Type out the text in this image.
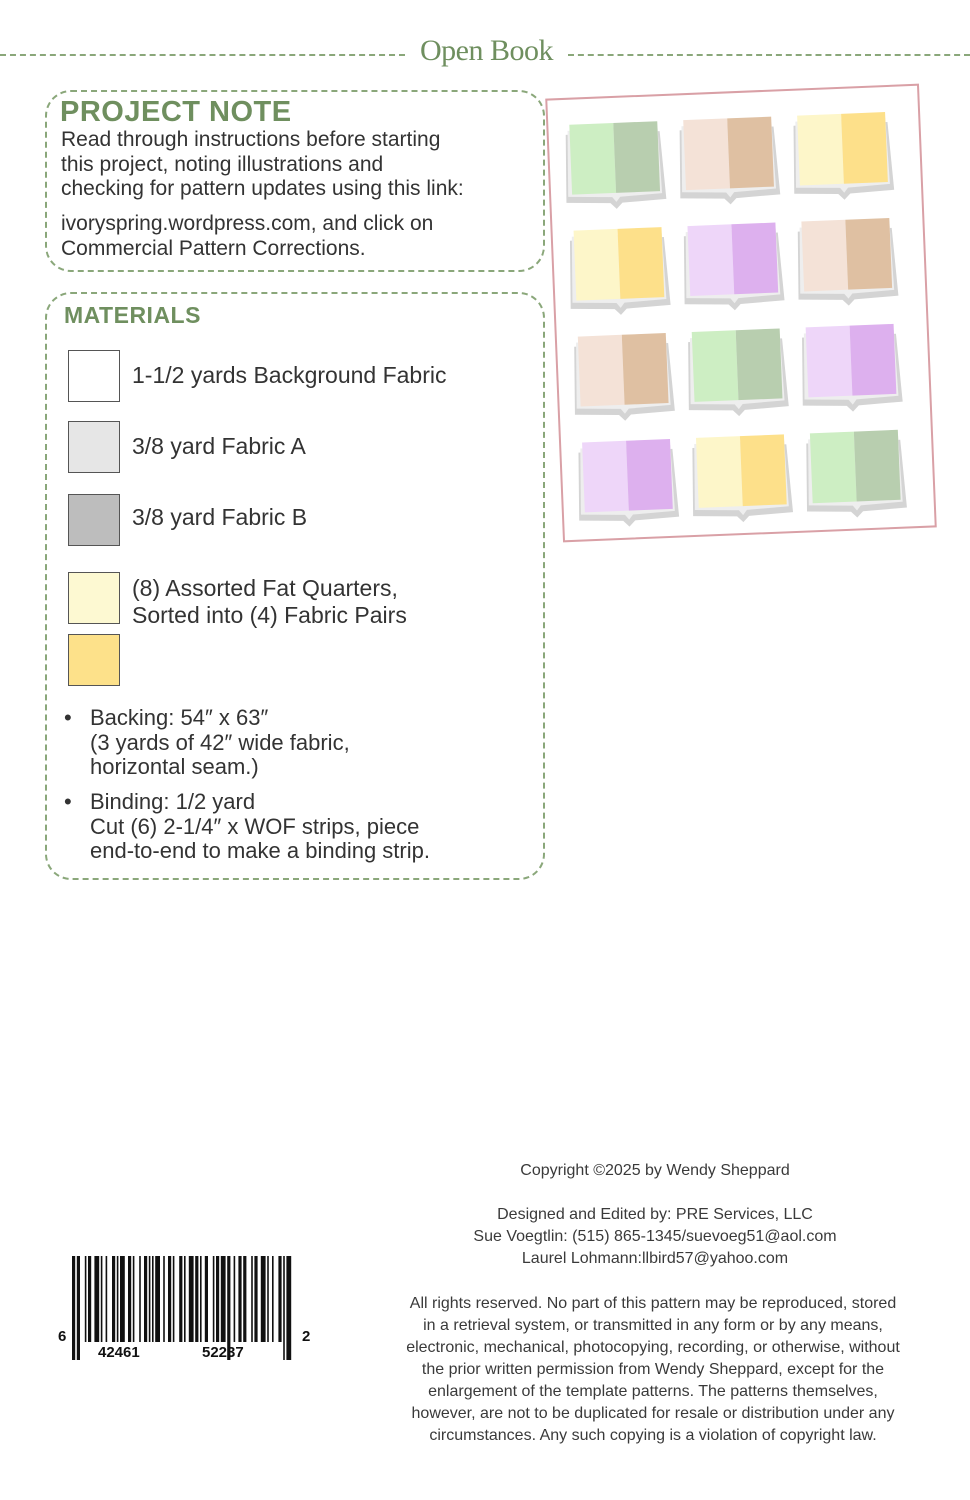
Open Book
PROJECT NOTE
Read through instructions before starting
this project, noting illustrations and
checking for pattern updates using this link:
ivoryspring.wordpress.com, and click on
Commercial Pattern Corrections.
MATERIALS
1-1/2 yards Background Fabric
3/8 yard Fabric A
3/8 yard Fabric B
(8) Assorted Fat Quarters,
Sorted into (4) Fabric Pairs
• Backing: 54″ x 63″
(3 yards of 42″ wide fabric,
horizontal seam.)
• Binding: 1/2 yard
Cut (6) 2-1/4″ x WOF strips, piece
end-to-end to make a binding strip.
Copyright ©2025 by Wendy Sheppard
Designed and Edited by: PRE Services, LLC
Sue Voegtlin: (515) 865-1345/suevoeg51@aol.com
Laurel Lohmann:llbird57@yahoo.com
All rights reserved. No part of this pattern may be reproduced, stored
in a retrieval system, or transmitted in any form or by any means,
electronic, mechanical, photocopying, recording, or otherwise, without
the prior written permission from Wendy Sheppard, except for the
enlargement of the template patterns. The patterns themselves,
however, are not to be duplicated for resale or distribution under any
circumstances. Any such copying is a violation of copyright law.
6
42461	52237
2
